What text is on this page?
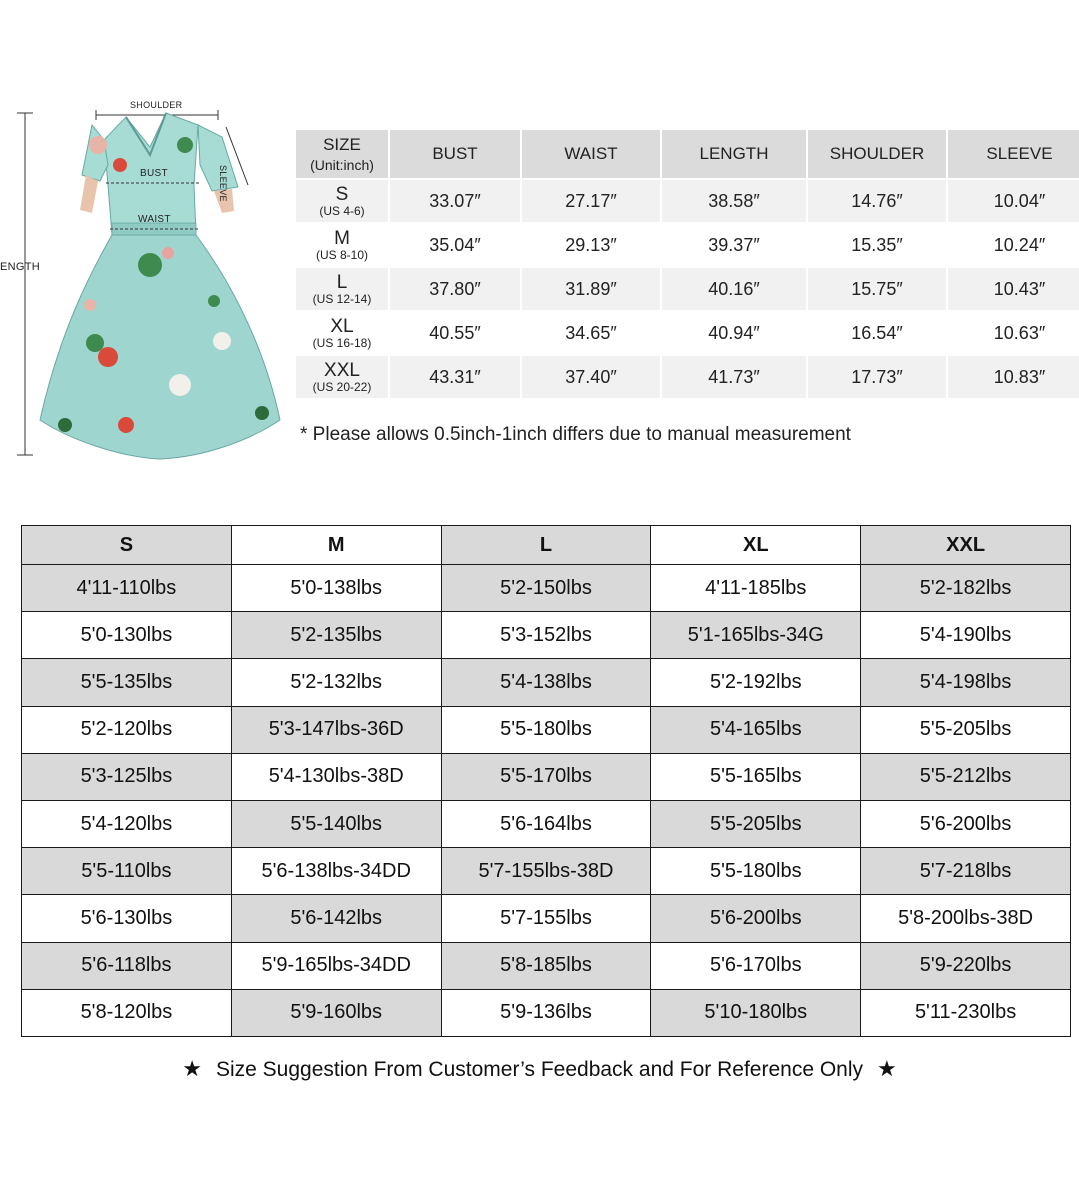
SHOULDER
SLEEVE
BUST
WAIST
ENGTH
SIZE
(Unit:inch)	BUST	WAIST	LENGTH	SHOULDER	SLEEVE

S
(US 4-6)	33.07″	27.17″	38.58″	14.76″	10.04″

M
(US 8-10)	35.04″	29.13″	39.37″	15.35″	10.24″

L
(US 12-14)	37.80″	31.89″	40.16″	15.75″	10.43″

XL
(US 16-18)	40.55″	34.65″	40.94″	16.54″	10.63″

XXL
(US 20-22)	43.31″	37.40″	41.73″	17.73″	10.83″
* Please allows 0.5inch-1inch differs due to manual measurement
S	M	L	XL	XXL
4'11-110lbs	5'0-138lbs	5'2-150lbs	4'11-185lbs	5'2-182lbs
5'0-130lbs	5'2-135lbs	5'3-152lbs	5'1-165lbs-34G	5'4-190lbs
5'5-135lbs	5'2-132lbs	5'4-138lbs	5'2-192lbs	5'4-198lbs
5'2-120lbs	5'3-147lbs-36D	5'5-180lbs	5'4-165lbs	5'5-205lbs
5'3-125lbs	5'4-130lbs-38D	5'5-170lbs	5'5-165lbs	5'5-212lbs
5'4-120lbs	5'5-140lbs	5'6-164lbs	5'5-205lbs	5'6-200lbs
5'5-110lbs	5'6-138lbs-34DD	5'7-155lbs-38D	5'5-180lbs	5'7-218lbs
5'6-130lbs	5'6-142lbs	5'7-155lbs	5'6-200lbs	5'8-200lbs-38D
5'6-118lbs	5'9-165lbs-34DD	5'8-185lbs	5'6-170lbs	5'9-220lbs
5'8-120lbs	5'9-160lbs	5'9-136lbs	5'10-180lbs	5'11-230lbs
★ Size Suggestion From Customer’s Feedback and For Reference Only ★
